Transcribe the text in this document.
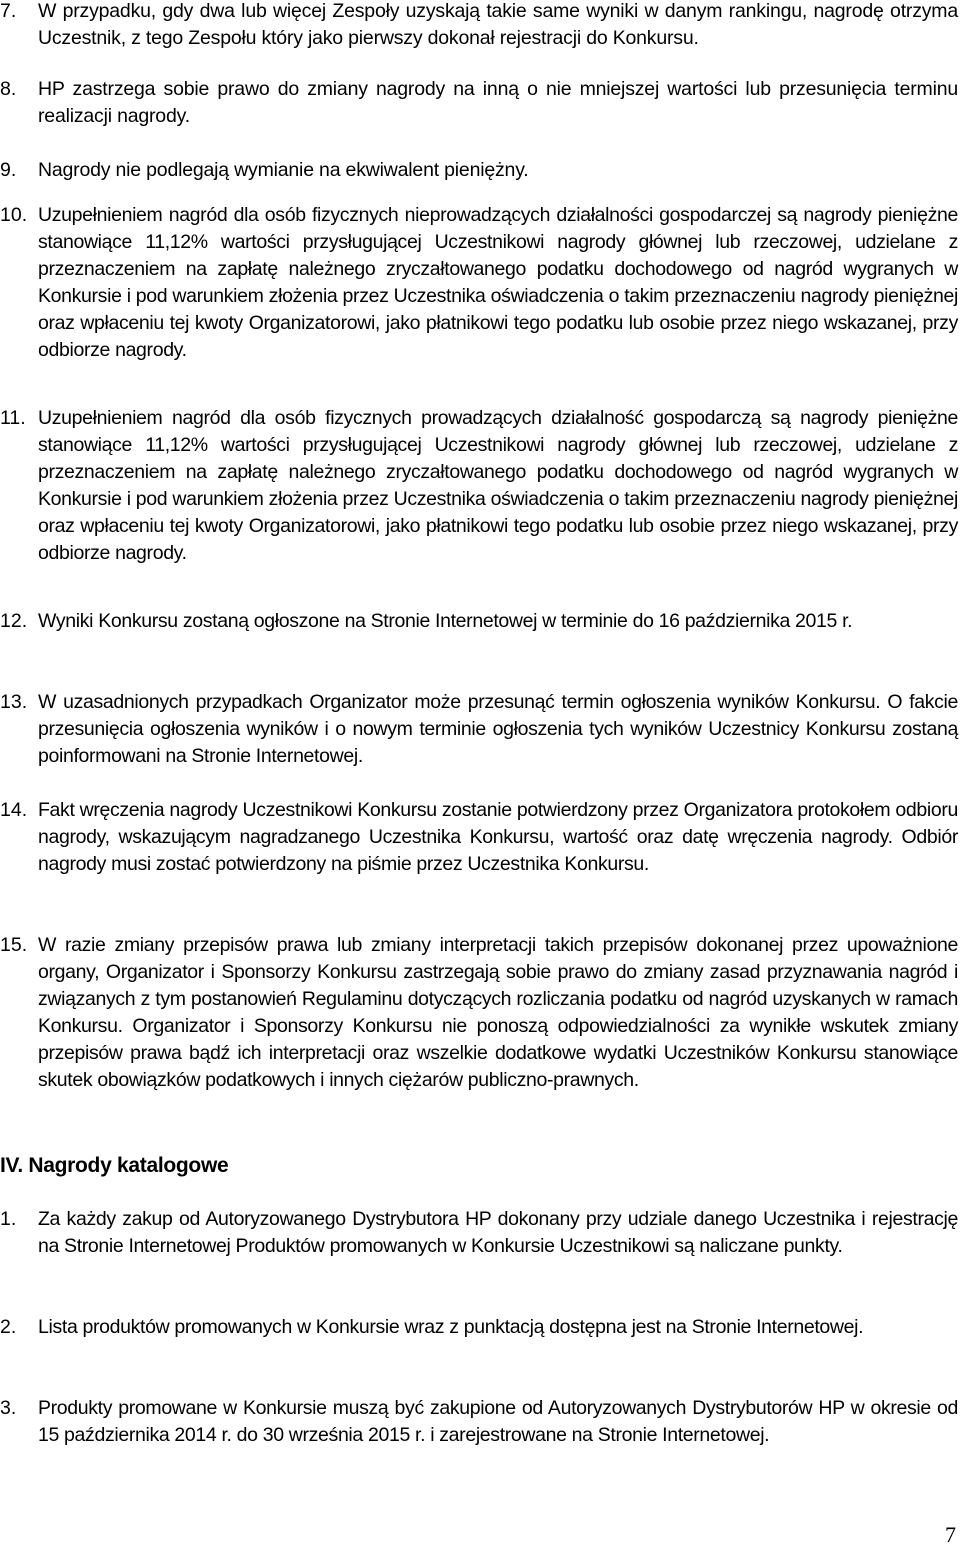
7.	W przypadku, gdy dwa lub więcej Zespoły uzyskają takie same wyniki w danym rankingu, nagrodę otrzyma Uczestnik, z tego Zespołu który jako pierwszy dokonał rejestracji do Konkursu.
8.	HP zastrzega sobie prawo do zmiany nagrody na inną o nie mniejszej wartości lub przesunięcia terminu realizacji nagrody.
9.	Nagrody nie podlegają wymianie na ekwiwalent pieniężny.
10. Uzupełnieniem nagród dla osób fizycznych nieprowadzących działalności gospodarczej są nagrody pieniężne stanowiące 11,12% wartości przysługującej Uczestnikowi nagrody głównej lub rzeczowej, udzielane z przeznaczeniem na zapłatę należnego zryczałtowanego podatku dochodowego od nagród wygranych w Konkursie i pod warunkiem złożenia przez Uczestnika oświadczenia o takim przeznaczeniu nagrody pieniężnej oraz wpłaceniu tej kwoty Organizatorowi, jako płatnikowi tego podatku lub osobie przez niego wskazanej, przy odbiorze nagrody.
11. Uzupełnieniem nagród dla osób fizycznych prowadzących działalność gospodarczą są nagrody pieniężne stanowiące 11,12% wartości przysługującej Uczestnikowi nagrody głównej lub rzeczowej, udzielane z przeznaczeniem na zapłatę należnego zryczałtowanego podatku dochodowego od nagród wygranych w Konkursie i pod warunkiem złożenia przez Uczestnika oświadczenia o takim przeznaczeniu nagrody pieniężnej oraz wpłaceniu tej kwoty Organizatorowi, jako płatnikowi tego podatku lub osobie przez niego wskazanej, przy odbiorze nagrody.
12. Wyniki Konkursu zostaną ogłoszone na Stronie Internetowej w terminie do 16 października 2015 r.
13. W uzasadnionych przypadkach Organizator może przesunąć termin ogłoszenia wyników Konkursu. O fakcie przesunięcia ogłoszenia wyników i o nowym terminie ogłoszenia tych wyników Uczestnicy Konkursu zostaną poinformowani na Stronie Internetowej.
14. Fakt wręczenia nagrody Uczestnikowi Konkursu zostanie potwierdzony przez Organizatora protokołem odbioru nagrody, wskazującym nagradzanego Uczestnika Konkursu, wartość oraz datę wręczenia nagrody. Odbiór nagrody musi zostać potwierdzony na piśmie przez Uczestnika Konkursu.
15. W razie zmiany przepisów prawa lub zmiany interpretacji takich przepisów dokonanej przez upoważnione organy, Organizator i Sponsorzy Konkursu zastrzegają sobie prawo do zmiany zasad przyznawania nagród i związanych z tym postanowień Regulaminu dotyczących rozliczania podatku od nagród uzyskanych w ramach Konkursu. Organizator i Sponsorzy Konkursu nie ponoszą odpowiedzialności za wynikłe wskutek zmiany przepisów prawa bądź ich interpretacji oraz wszelkie dodatkowe wydatki Uczestników Konkursu stanowiące skutek obowiązków podatkowych i innych ciężarów publiczno-prawnych.
IV. Nagrody katalogowe
1.	Za każdy zakup od Autoryzowanego Dystrybutora HP dokonany przy udziale danego Uczestnika i rejestrację na Stronie Internetowej Produktów promowanych w Konkursie Uczestnikowi są naliczane punkty.
2.	Lista produktów promowanych w Konkursie wraz z punktacją dostępna jest na Stronie Internetowej.
3.	Produkty promowane w Konkursie muszą być zakupione od Autoryzowanych Dystrybutorów HP w okresie od 15 października 2014 r. do 30 września 2015 r. i zarejestrowane na Stronie Internetowej.
7
